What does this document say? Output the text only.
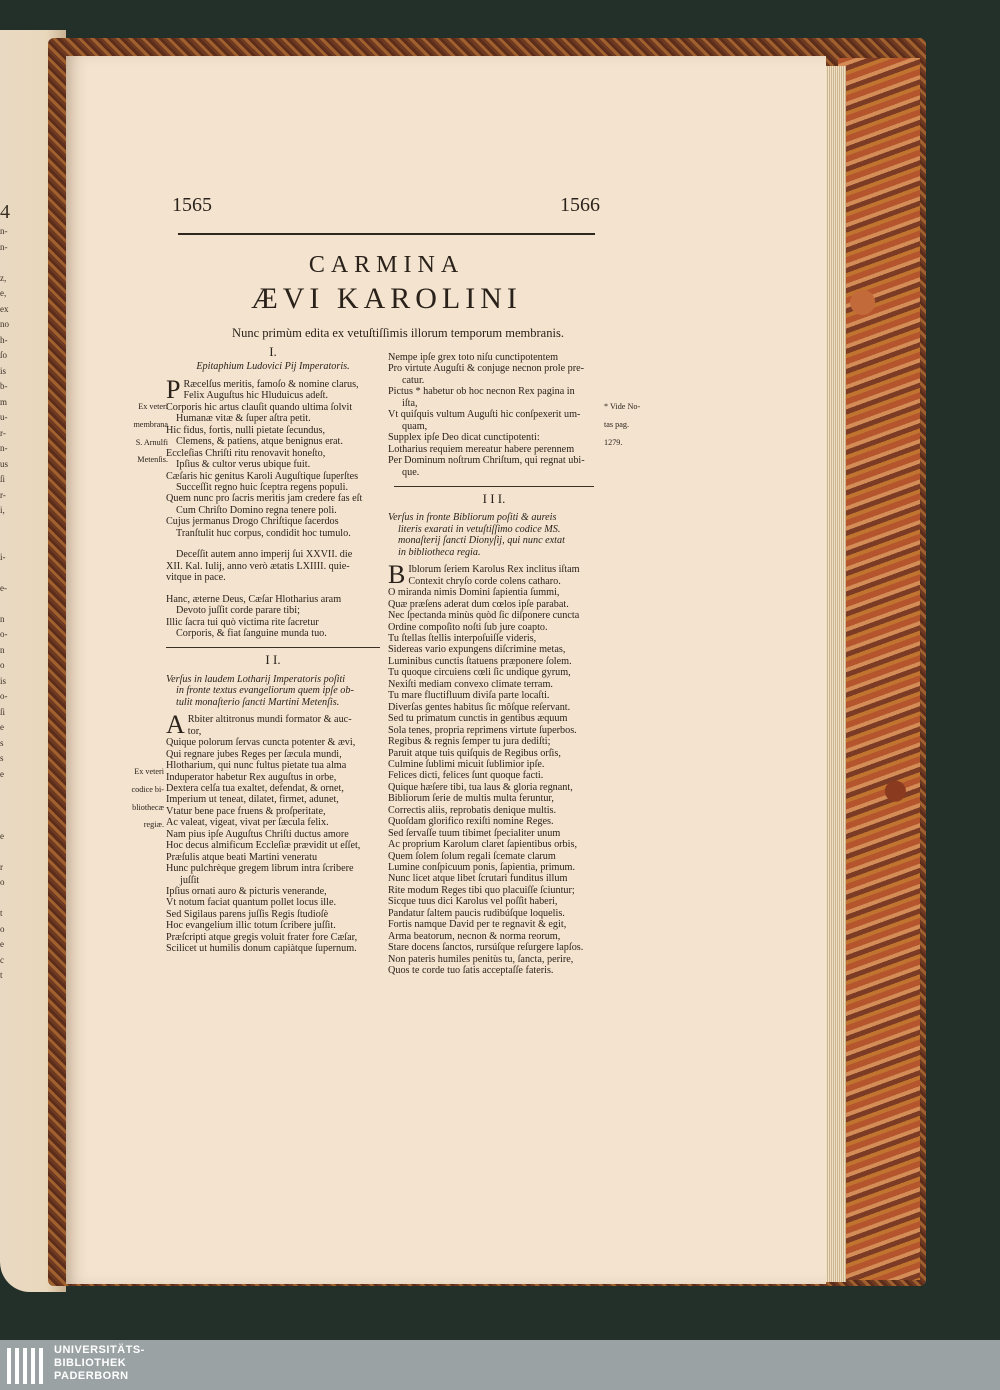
4
n-
n-

z,
e,
ex
no
h-
ſo
is
b-
m
u-
r-
n-
us
ſi
r-
i,

i-

e-

n
o-
n
o
is
o-
ſi
e
s
s
e

e

r
o

t
o
e
c
t
1565	1566
CARMINA
ÆVI KAROLINI
Nunc primùm edita ex vetuſtiſſimis illorum temporum membranis.

I.

Epitaphium Ludovici Pij Imperatoris.

P Ræcelſus meritis, famoſo & nomine clarus,

Felix Auguſtus hic Hluduicus adeſt.

Corporis hic artus clauſit quando ultima ſolvit

Humanæ vitæ & ſuper aſtra petit.

Hic fidus, fortis, nulli pietate ſecundus,

Clemens, & patiens, atque benignus erat.

Eccleſias Chriſti ritu renovavit honeſto,

Ipſius & cultor verus ubique fuit.

Cæſaris hic genitus Karoli Auguſtique ſuperſtes

Succeſſit regno huic ſceptra regens populi.

Quem nunc pro ſacris meritis jam credere fas eſt

Cum Chriſto Domino regna tenere poli.

Cujus jermanus Drogo Chriſtique ſacerdos

Tranſtulit huc corpus, condidit hoc tumulo.

Deceſſit autem anno imperij ſui XXVII. die

XII. Kal. Iulij, anno verò ætatis LXIIII. quie-

vitque in pace.

Hanc, æterne Deus, Cæſar Hlotharius aram

Devoto juſſit corde parare tibi;

Illic ſacra tui quò victima rite ſacretur

Corporis, & fiat ſanguine munda tuo.

I I.

Verſus in laudem Lotharij Imperatoris poſiti

in fronte textus evangeliorum quem ipſe ob-

tulit monaſterio ſancti Martini Metenſis.

A Rbiter altitronus mundi formator & auc-

tor,

Quique polorum ſervas cuncta potenter & ævi,

Qui regnare jubes Reges per ſæcula mundi,

Hlotharium, qui nunc fultus pietate tua alma

Induperator habetur Rex auguſtus in orbe,

Dextera celſa tua exaltet, defendat, & ornet,

Imperium ut teneat, dilatet, firmet, adunet,

Vtatur bene pace fruens & proſperitate,

Ac valeat, vigeat, vivat per ſæcula felix.

Nam pius ipſe Auguſtus Chriſti ductus amore

Hoc decus almificum Eccleſiæ prævidit ut eſſet,

Præſulis atque beati Martini veneratu

Hunc pulchrèque gregem librum intra ſcribere

juſſit

Ipſius ornati auro & picturis venerande,

Vt notum faciat quantum pollet locus ille.

Sed Sigilaus parens juſſis Regis ſtudioſè

Hoc evangelium illic totum ſcribere juſſit.

Præſcripti atque gregis voluit frater fore Cæſar,

Scilicet ut humilis donum capiàtque ſupernum.

Ex veteri

membrana

S. Arnulfi

Metenſis.

Ex veteri

codice bi-

bliothecæ

regiæ.

Nempe ipſe grex toto niſu cunctipotentem

Pro virtute Auguſti & conjuge necnon prole pre-

catur.

Pictus * habetur ob hoc necnon Rex pagina in

iſta,

Vt quiſquis vultum Auguſti hic conſpexerit um-

quam,

Supplex ipſe Deo dicat cunctipotenti:

Lotharius requiem mereatur habere perennem

Per Dominum noſtrum Chriſtum, qui regnat ubi-

que.

I I I.

Verſus in fronte Bibliorum poſiti & aureis

literis exarati in vetuſtiſſimo codice MS.

monaſterij ſancti Dionyſij, qui nunc extat

in bibliotheca regia.

B Iblorum ſeriem Karolus Rex inclitus iſtam

Contexit chryſo corde colens catharo.

O miranda nimis Domini ſapientia ſummi,

Quæ præſens aderat dum cœlos ipſe parabat.

Nec ſpectanda minùs quòd ſic diſponere cuncta

Ordine compoſito noſti ſub jure coapto.

Tu ſtellas ſtellis interpoſuiſſe videris,

Sidereas vario expungens diſcrimine metas,

Luminibus cunctis ſtatuens præponere ſolem.

Tu quoque circuiens cœli ſic undique gyrum,

Nexiſti mediam convexo climate terram.

Tu mare fluctifluum diviſa parte locaſti.

Diverſas gentes habitus ſic môſque reſervant.

Sed tu primatum cunctis in gentibus æquum

Sola tenes, propria reprimens virtute ſuperbos.

Regibus & regnis ſemper tu jura dediſti;

Paruit atque tuis quiſquis de Regibus orſis,

Culmine ſublimi micuit ſublimior ipſe.

Felices dicti, felices ſunt quoque facti.

Quique hæſere tibi, tua laus & gloria regnant,

Bibliorum ſerie de multis multa feruntur,

Correctis aliis, reprobatis denique multis.

Quoſdam glorifico rexiſti nomine Reges.

Sed ſervaſſe tuum tibimet ſpecialiter unum

Ac proprium Karolum claret ſapientibus orbis,

Quem ſolem ſolum regali ſcemate clarum

Lumine conſpicuum ponis, ſapientia, primum.

Nunc licet atque libet ſcrutari funditus illum

Rite modum Reges tibi quo placuiſſe ſciuntur;

Sicque tuus dici Karolus vel poſſit haberi,

Pandatur ſaltem paucis rudibúſque loquelis.

Fortis namque David per te regnavit & egit,

Arma beatorum, necnon & norma reorum,

Stare docens ſanctos, rursúſque reſurgere lapſos.

Non pateris humiles penitùs tu, ſancta, perire,

Quos te corde tuo ſatis acceptaſſe fateris.

* Vide No-

tas pag.

1279.

UNIVERSITÄTS-
BIBLIOTHEK
PADERBORN
